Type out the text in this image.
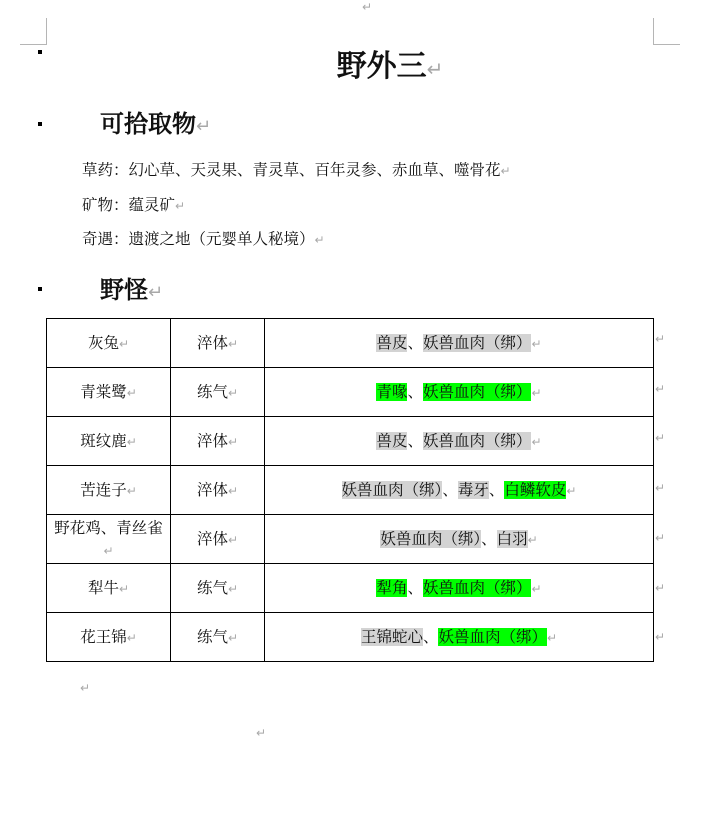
↵
野外三↵
可拾取物↵
草药：幻心草、天灵果、青灵草、百年灵参、赤血草、噬骨花↵
矿物：蕴灵矿↵
奇遇：遗渡之地（元婴单人秘境）↵
野怪↵
灰兔↵	淬体↵	兽皮、妖兽血肉（绑）↵
青棠鹭↵	练气↵	青喙、妖兽血肉（绑）↵
斑纹鹿↵	淬体↵	兽皮、妖兽血肉（绑）↵
苦连子↵	淬体↵	妖兽血肉（绑）、毒牙、白鳞软皮↵
野花鸡、青丝雀↵	淬体↵	妖兽血肉（绑）、白羽↵
犁牛↵	练气↵	犁角、妖兽血肉（绑）↵
花王锦↵	练气↵	王锦蛇心、妖兽血肉（绑）↵
↵
↵
↵
↵
↵
↵
↵
↵
↵
